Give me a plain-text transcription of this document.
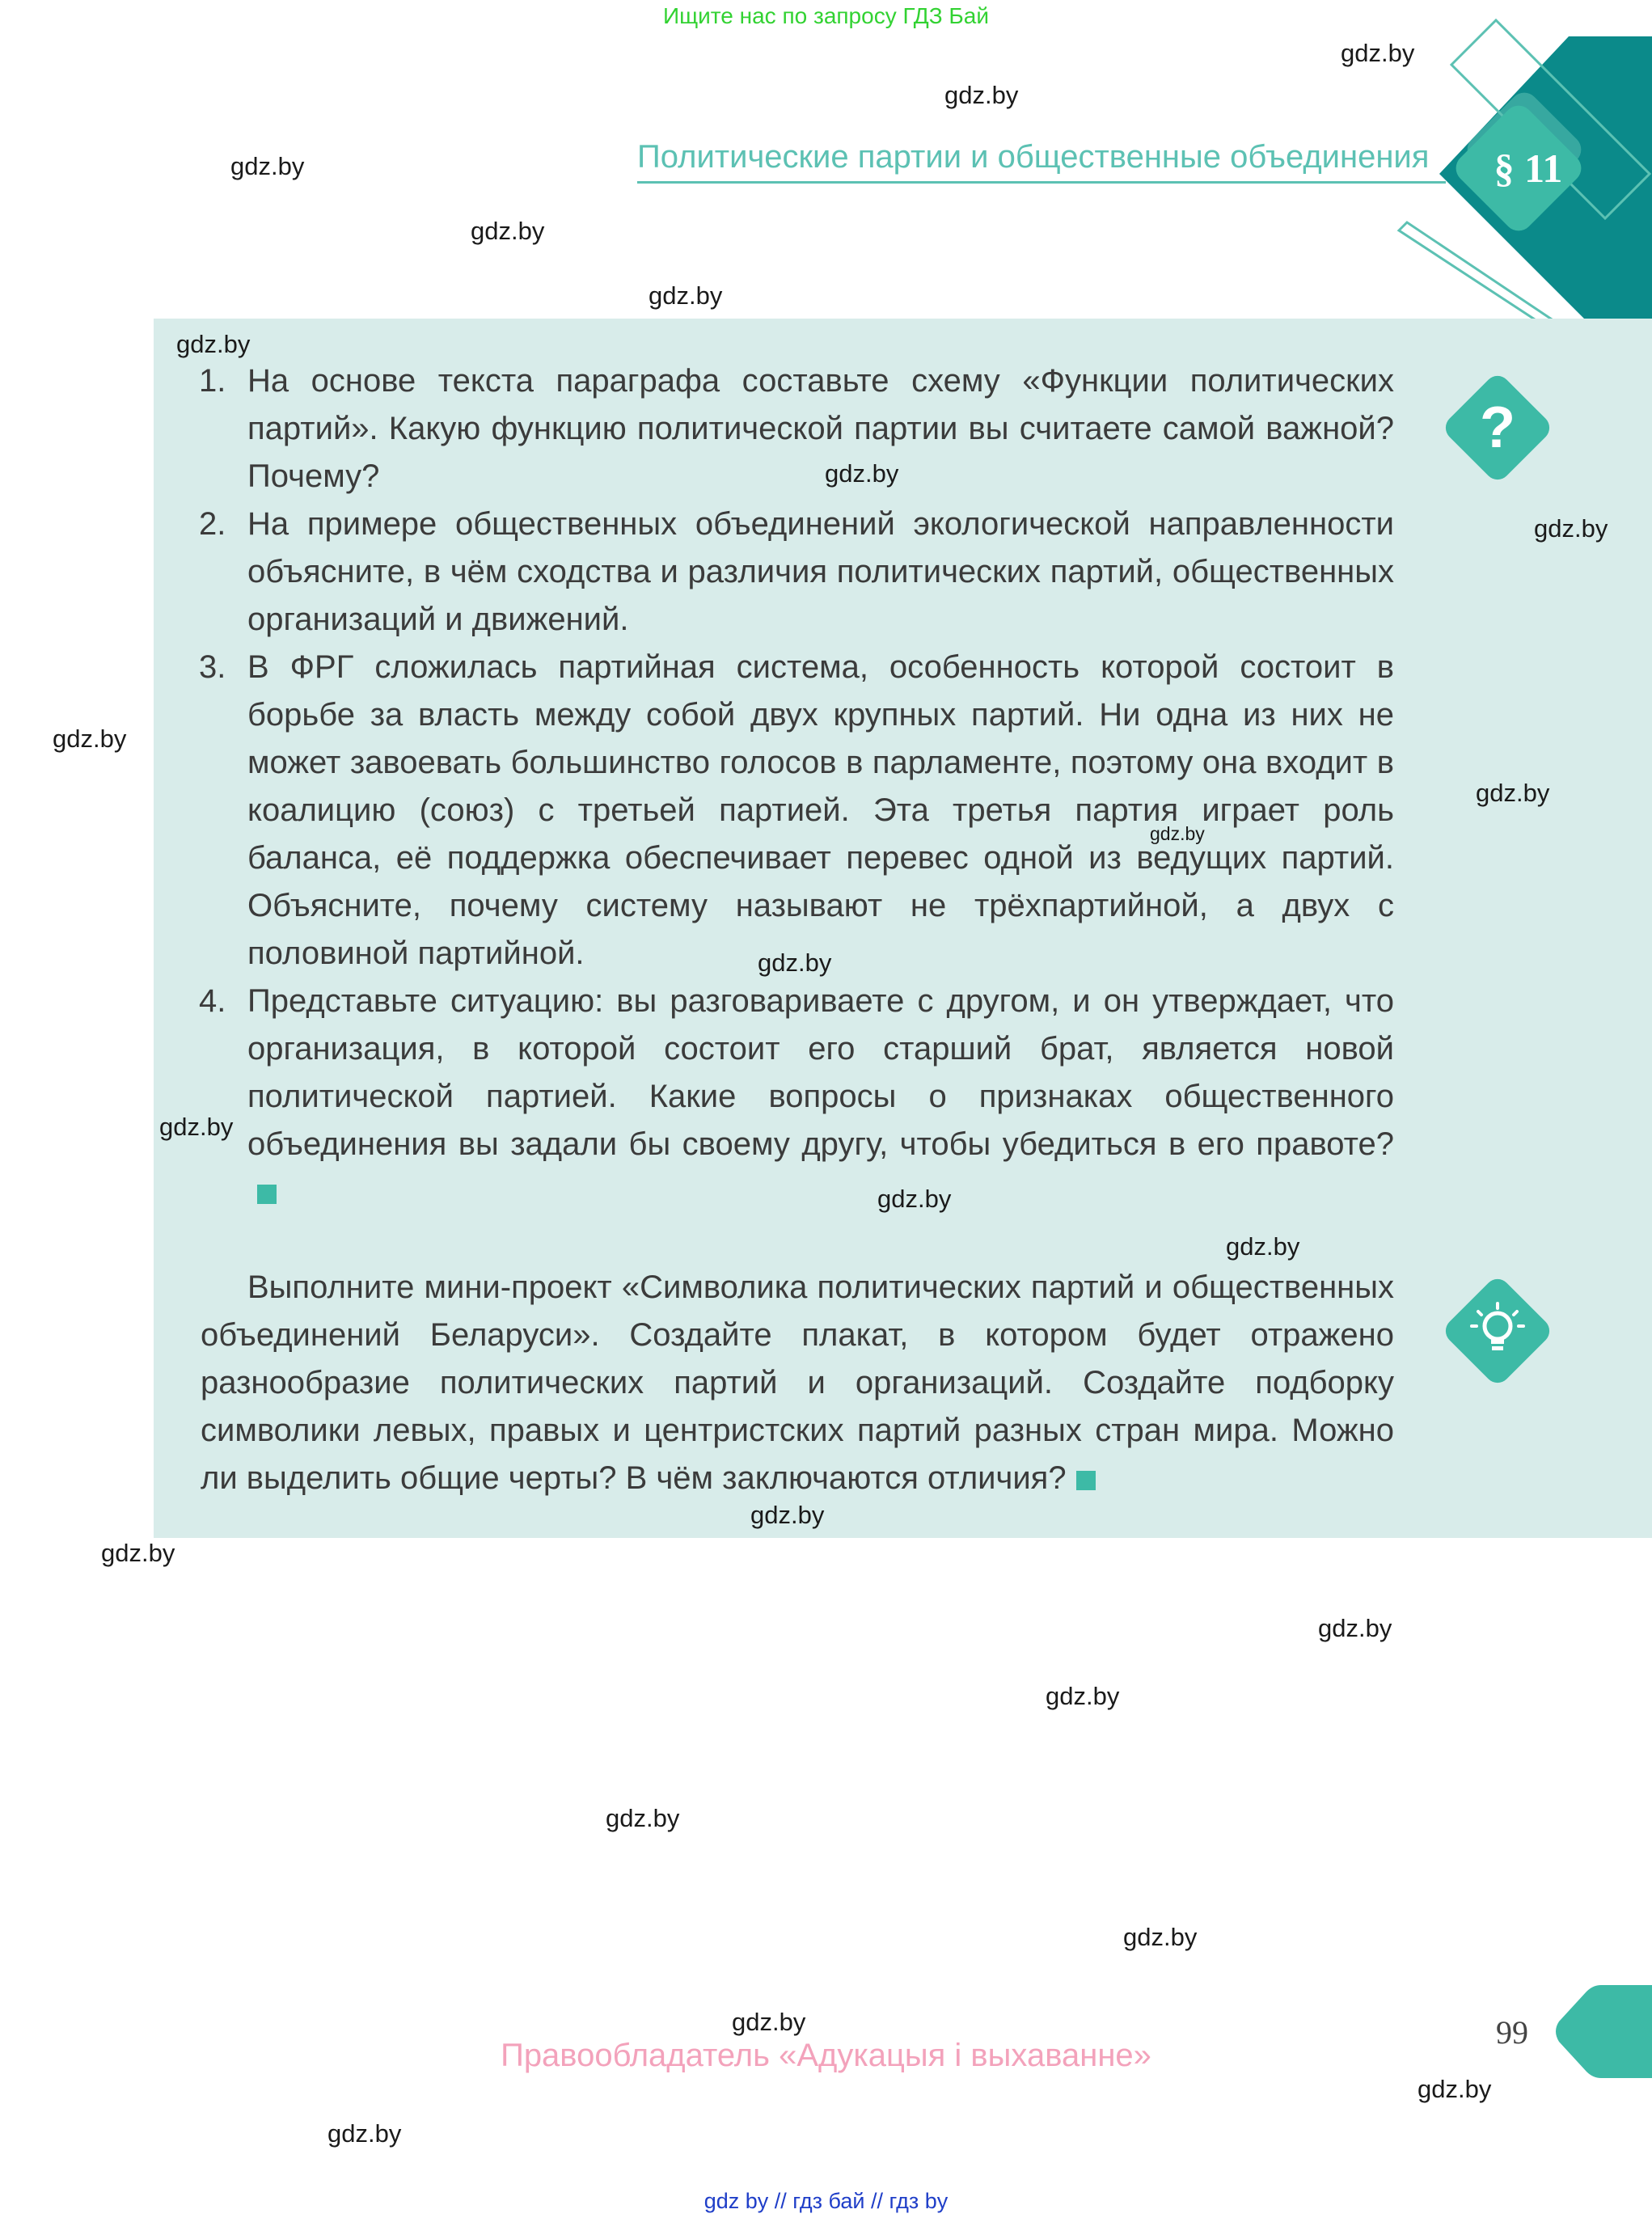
Ищите нас по запросу ГДЗ Бай
Политические партии и общественные объединения	§ 11
?
1. На основе текста параграфа составьте схему «Функции политических партий». Какую функцию политической партии вы считаете самой важной? Почему?
2. На примере общественных объединений экологической направленности объясните, в чём сходства и различия политических партий, общественных организаций и движений.
3. В ФРГ сложилась партийная система, особенность которой состоит в борьбе за власть между собой двух крупных партий. Ни одна из них не может завоевать большинство голосов в парламенте, поэтому она входит в коалицию (союз) с третьей партией. Эта третья партия играет роль баланса, её поддержка обеспечивает перевес одной из ведущих партий. Объясните, почему систему называют не трёхпартийной, а двух с половиной партийной.
4. Представьте ситуацию: вы разговариваете с другом, и он утверждает, что организация, в которой состоит его старший брат, является новой политической партией. Какие вопросы о признаках общественного объединения вы задали бы своему другу, чтобы убедиться в его правоте?

Выполните мини-проект «Символика политических партий и общественных объединений Беларуси». Создайте плакат, в котором будет отражено разнообразие политических партий и организаций. Создайте подборку символики левых, правых и центристских партий разных стран мира. Можно ли выделить общие черты? В чём заключаются отличия?

gdz.by
gdz.by
gdz.by
gdz.by
gdz.by
gdz.by
gdz.by
gdz.by
gdz.by
gdz.by
gdz.by
gdz.by
gdz.by
gdz.by
gdz.by
gdz.by
gdz.by
gdz.by
gdz.by
gdz.by
gdz.by
gdz.by
gdz.by
gdz.by
99
Правообладатель «Адукацыя і выхаванне»
gdz by // гдз бай // гдз by
